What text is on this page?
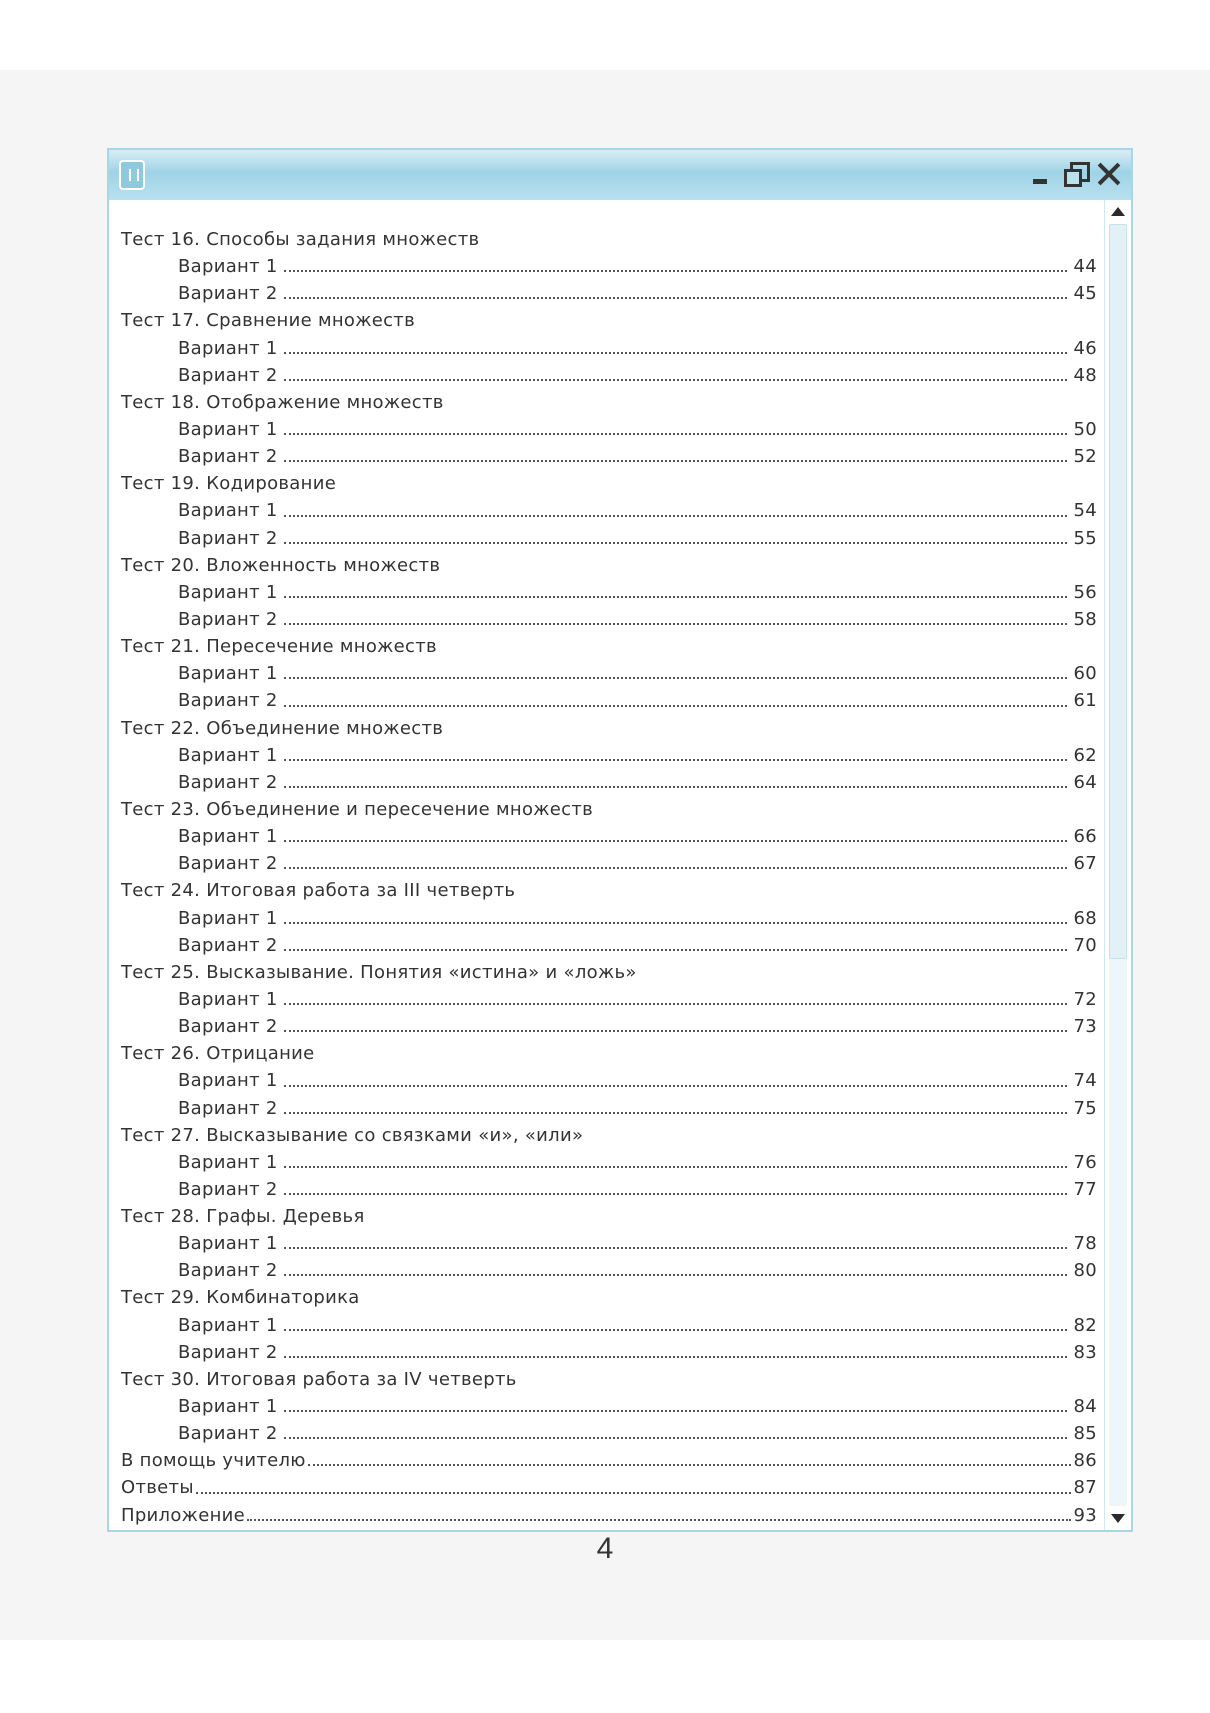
Тест 16. Способы задания множеств
Вариант 1	44
Вариант 2	45
Тест 17. Сравнение множеств
Вариант 1	46
Вариант 2	48
Тест 18. Отображение множеств
Вариант 1	50
Вариант 2	52
Тест 19. Кодирование
Вариант 1	54
Вариант 2	55
Тест 20. Вложенность множеств
Вариант 1	56
Вариант 2	58
Тест 21. Пересечение множеств
Вариант 1	60
Вариант 2	61
Тест 22. Объединение множеств
Вариант 1	62
Вариант 2	64
Тест 23. Объединение и пересечение множеств
Вариант 1	66
Вариант 2	67
Тест 24. Итоговая работа за III четверть
Вариант 1	68
Вариант 2	70
Тест 25. Высказывание. Понятия «истина» и «ложь»
Вариант 1	72
Вариант 2	73
Тест 26. Отрицание
Вариант 1	74
Вариант 2	75
Тест 27. Высказывание со связками «и», «или»
Вариант 1	76
Вариант 2	77
Тест 28. Графы. Деревья
Вариант 1	78
Вариант 2	80
Тест 29. Комбинаторика
Вариант 1	82
Вариант 2	83
Тест 30. Итоговая работа за IV четверть
Вариант 1	84
Вариант 2	85
В помощь учителю	86
Ответы	87
Приложение	93
4
